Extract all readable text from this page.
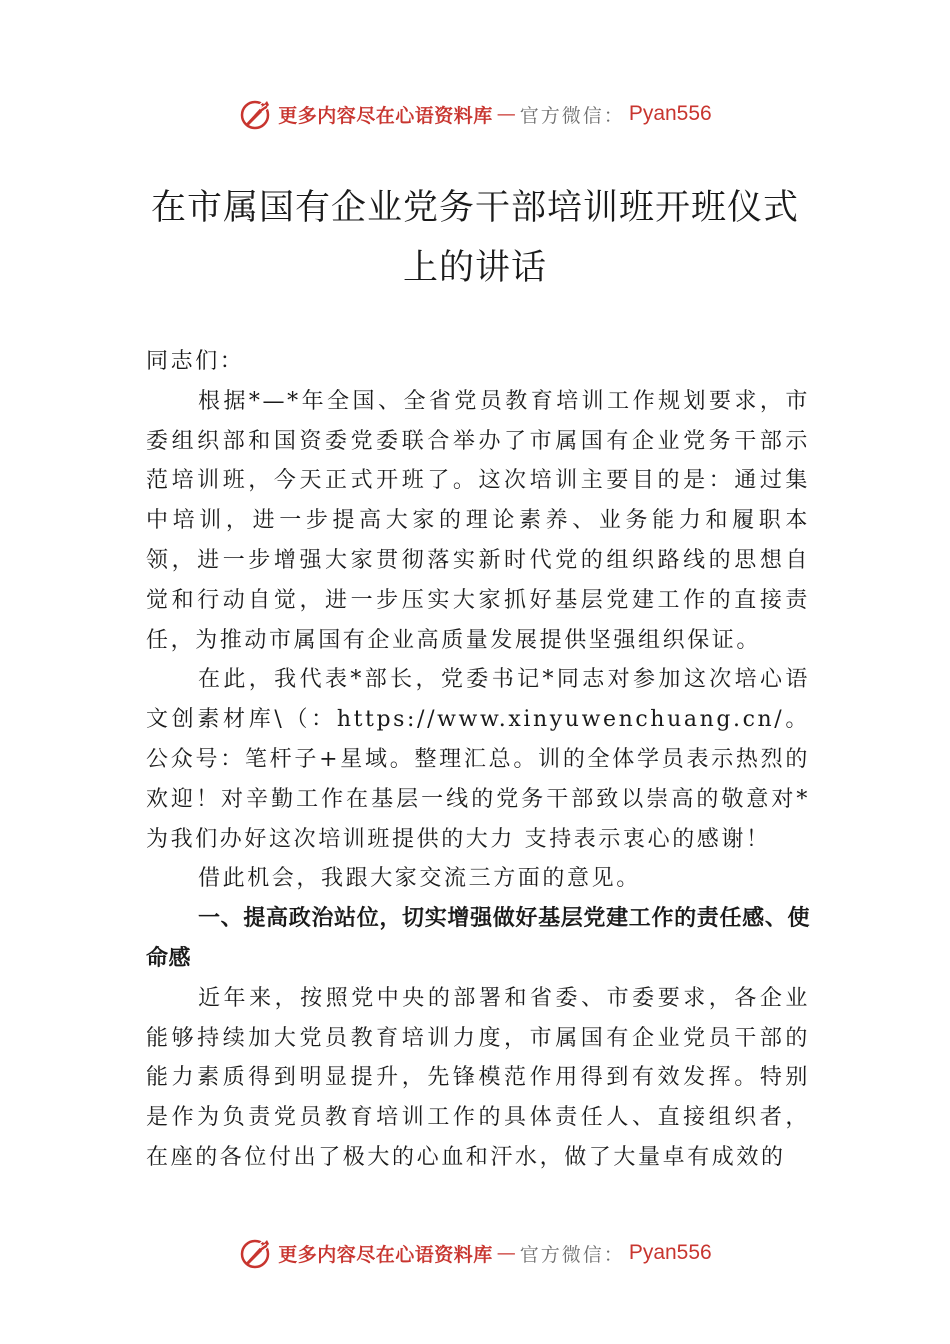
更多内容尽在心语资料库 — 官方微信： Pyan556
在市属国有企业党务干部培训班开班仪式
上的讲话

同志们：

根据*—*年全国、全省党员教育培训工作规划要求，市委组织部和国资委党委联合举办了市属国有企业党务干部示范培训班，今天正式开班了。这次培训主要目的是：通过集中培训，进一步提高大家的理论素养、业务能力和履职本领，进一步增强大家贯彻落实新时代党的组织路线的思想自觉和行动自觉，进一步压实大家抓好基层党建工作的直接责任，为推动市属国有企业高质量发展提供坚强组织保证。

在此，我代表*部长，党委书记*同志对参加这次培心语文创素材库\（：https://www.xinyuwenchuang.cn/。公众号：笔杆子+星域。整理汇总。训的全体学员表示热烈的欢迎！对辛勤工作在基层一线的党务干部致以崇高的敬意对*为我们办好这次培训班提供的大力 支持表示衷心的感谢！

借此机会，我跟大家交流三方面的意见。

一、提高政治站位，切实增强做好基层党建工作的责任感、使命感

近年来，按照党中央的部署和省委、市委要求，各企业能够持续加大党员教育培训力度，市属国有企业党员干部的能力素质得到明显提升，先锋模范作用得到有效发挥。特别是作为负责党员教育培训工作的具体责任人、直接组织者， 在座的各位付出了极大的心血和汗水，做了大量卓有成效的

更多内容尽在心语资料库 — 官方微信： Pyan556
